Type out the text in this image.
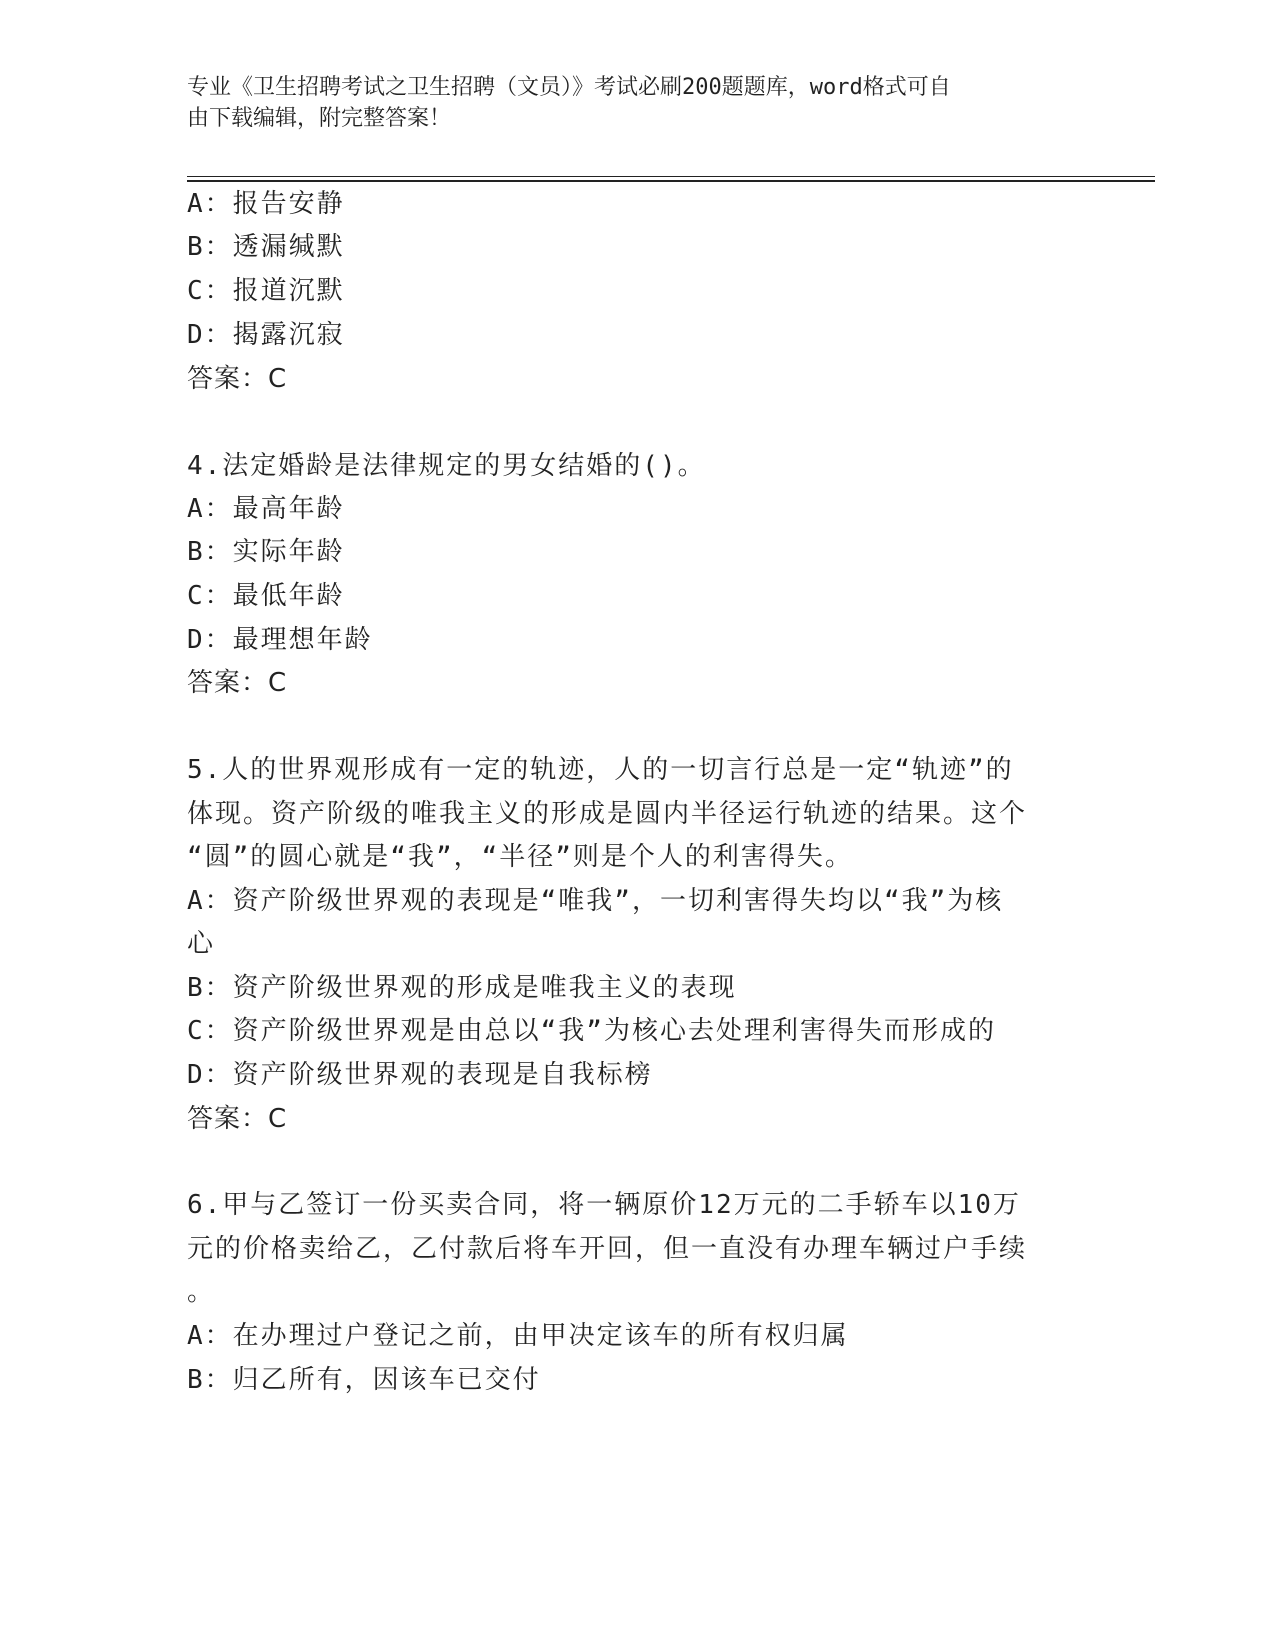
专业《卫生招聘考试之卫生招聘（文员）》考试必刷200题题库，word格式可自
由下载编辑，附完整答案！
A：报告安静
B：透漏缄默
C：报道沉默
D：揭露沉寂
答案：C
4.法定婚龄是法律规定的男女结婚的()。
A：最高年龄
B：实际年龄
C：最低年龄
D：最理想年龄
答案：C
5.人的世界观形成有一定的轨迹，人的一切言行总是一定“轨迹”的
体现。资产阶级的唯我主义的形成是圆内半径运行轨迹的结果。这个
“圆”的圆心就是“我”，“半径”则是个人的利害得失。
A：资产阶级世界观的表现是“唯我”，一切利害得失均以“我”为核
心
B：资产阶级世界观的形成是唯我主义的表现
C：资产阶级世界观是由总以“我”为核心去处理利害得失而形成的
D：资产阶级世界观的表现是自我标榜
答案：C
6.甲与乙签订一份买卖合同，将一辆原价12万元的二手轿车以10万
元的价格卖给乙，乙付款后将车开回，但一直没有办理车辆过户手续
。
A：在办理过户登记之前，由甲决定该车的所有权归属
B：归乙所有，因该车已交付
